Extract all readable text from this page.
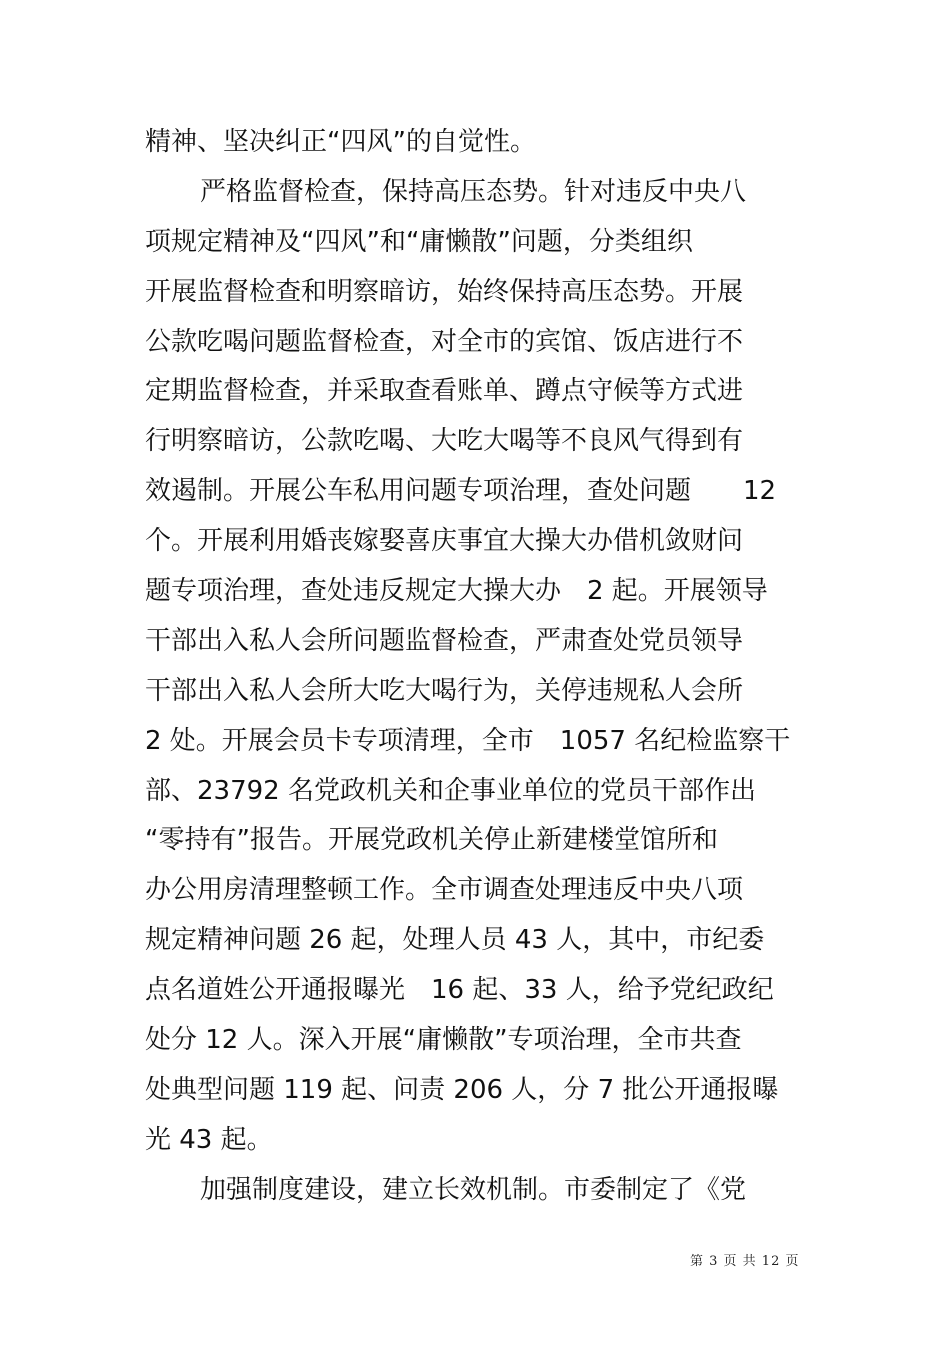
精神、坚决纠正“四风”的自觉性。
严格监督检查，保持高压态势。针对违反中央八
项规定精神及“四风”和“庸懒散”问题，分类组织
开展监督检查和明察暗访，始终保持高压态势。开展
公款吃喝问题监督检查，对全市的宾馆、饭店进行不
定期监督检查，并采取查看账单、蹲点守候等方式进
行明察暗访，公款吃喝、大吃大喝等不良风气得到有
效遏制。开展公车私用问题专项治理，查处问题　　12
个。开展利用婚丧嫁娶喜庆事宜大操大办借机敛财问
题专项治理，查处违反规定大操大办　2 起。开展领导
干部出入私人会所问题监督检查，严肃查处党员领导
干部出入私人会所大吃大喝行为，关停违规私人会所
2 处。开展会员卡专项清理，全市　1057 名纪检监察干
部、23792 名党政机关和企事业单位的党员干部作出
“零持有”报告。开展党政机关停止新建楼堂馆所和
办公用房清理整顿工作。全市调查处理违反中央八项
规定精神问题 26 起，处理人员 43 人，其中，市纪委
点名道姓公开通报曝光　16 起、33 人，给予党纪政纪
处分 12 人。深入开展“庸懒散”专项治理，全市共查
处典型问题 119 起、问责 206 人，分 7 批公开通报曝
光 43 起。
加强制度建设，建立长效机制。市委制定了《党
第 3 页 共 12 页
